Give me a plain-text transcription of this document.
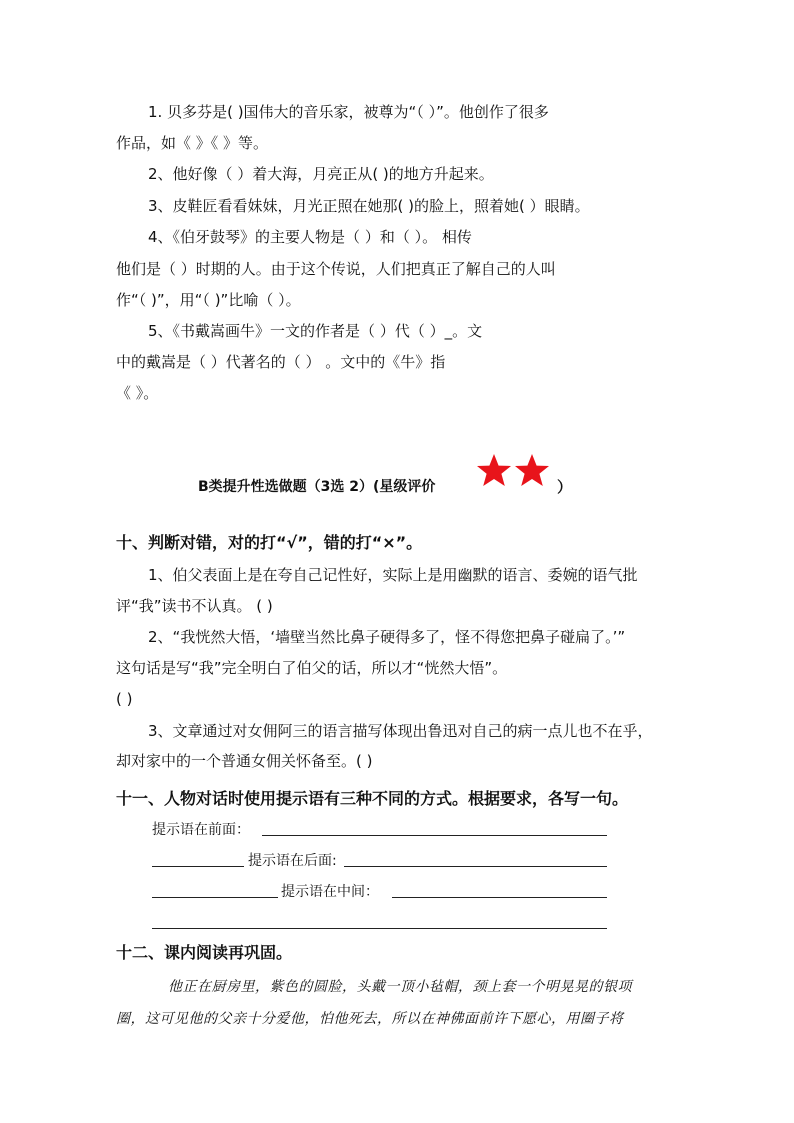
1. 贝多芬是( )国伟大的音乐家，被尊为“（ ）”。他创作了很多
作品，如《 》《 》等。
2、他好像（ ）着大海，月亮正从( )的地方升起来。
3、皮鞋匠看看妹妹，月光正照在她那( )的脸上，照着她( ）眼睛。
4、《伯牙鼓琴》的主要人物是（ ）和（ ）。 相传
他们是（ ）时期的人。由于这个传说，人们把真正了解自己的人叫
作“（ )”，用“（ )”比喻（ ）。
5、《书戴嵩画牛》一文的作者是（ ）代（ ）_。文
中的戴嵩是（ ）代著名的（ ） 。文中的《牛》指
《 》。
B类提升性选做题（3选 2）(星级评价	）
十、判断对错，对的打“√”，错的打“×”。
1、伯父表面上是在夸自己记性好，实际上是用幽默的语言、委婉的语气批
评“我”读书不认真。 ( )
2、“我恍然大悟，‘墙壁当然比鼻子硬得多了，怪不得您把鼻子碰扁了。’”
这句话是写“我”完全明白了伯父的话，所以才“恍然大悟”。
( )
3、文章通过对女佣阿三的语言描写体现出鲁迅对自己的病一点儿也不在乎，
却对家中的一个普通女佣关怀备至。( )
十一、人物对话时使用提示语有三种不同的方式。根据要求，各写一句。
提示语在前面：
提示语在后面:
提示语在中间：
十二、课内阅读再巩固。
他正在厨房里，紫色的圆脸，头戴一顶小毡帽，颈上套一个明晃晃的银项
圈，这可见他的父亲十分爱他，怕他死去，所以在神佛面前许下愿心，用圈子将
